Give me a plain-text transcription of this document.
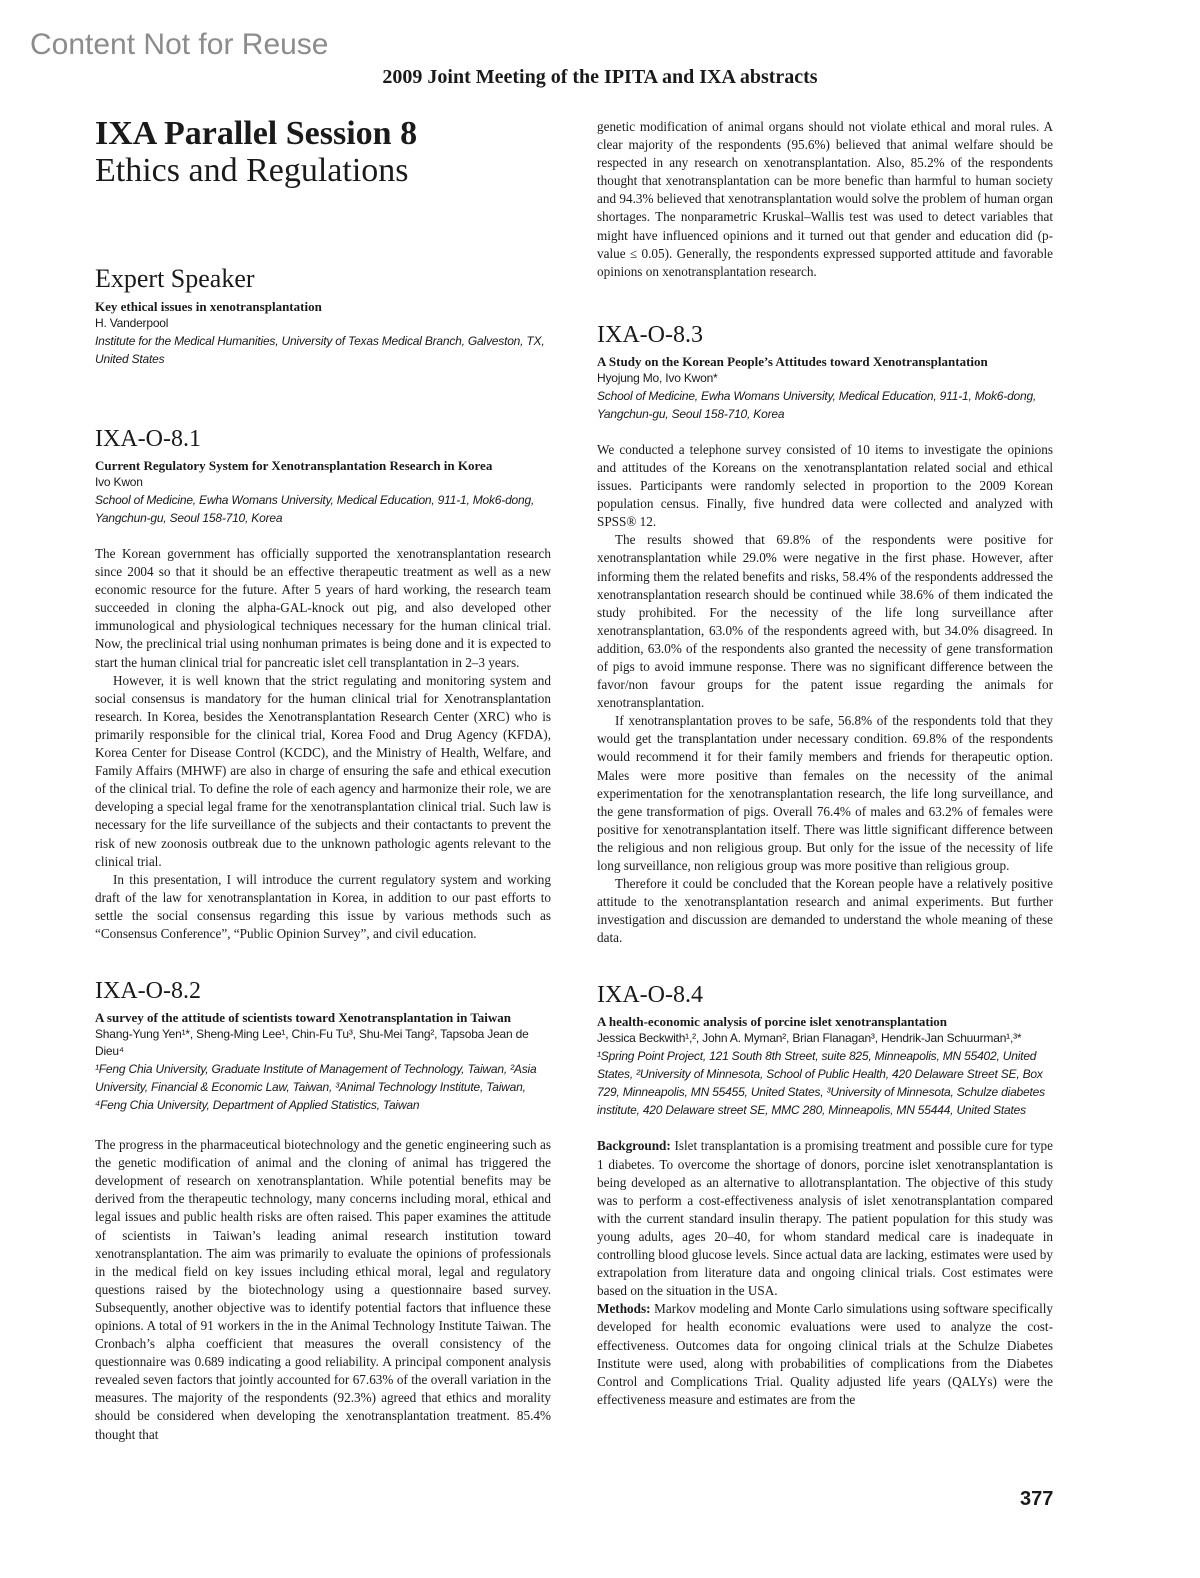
Content Not for Reuse
2009 Joint Meeting of the IPITA and IXA abstracts
IXA Parallel Session 8
Ethics and Regulations
Expert Speaker
Key ethical issues in xenotransplantation
H. Vanderpool
Institute for the Medical Humanities, University of Texas Medical Branch, Galveston, TX, United States
IXA-O-8.1
Current Regulatory System for Xenotransplantation Research in Korea
Ivo Kwon
School of Medicine, Ewha Womans University, Medical Education, 911-1, Mok6-dong, Yangchun-gu, Seoul 158-710, Korea

The Korean government has officially supported the xenotransplantation research since 2004 so that it should be an effective therapeutic treatment as well as a new economic resource for the future. After 5 years of hard working, the research team succeeded in cloning the alpha-GAL-knock out pig, and also developed other immunological and physiological techniques necessary for the human clinical trial. Now, the preclinical trial using nonhuman primates is being done and it is expected to start the human clinical trial for pancreatic islet cell transplantation in 2–3 years.

However, it is well known that the strict regulating and monitoring system and social consensus is mandatory for the human clinical trial for Xenotransplantation research. In Korea, besides the Xenotransplantation Research Center (XRC) who is primarily responsible for the clinical trial, Korea Food and Drug Agency (KFDA), Korea Center for Disease Control (KCDC), and the Ministry of Health, Welfare, and Family Affairs (MHWF) are also in charge of ensuring the safe and ethical execution of the clinical trial. To define the role of each agency and harmonize their role, we are developing a special legal frame for the xenotransplantation clinical trial. Such law is necessary for the life surveillance of the subjects and their contactants to prevent the risk of new zoonosis outbreak due to the unknown pathologic agents relevant to the clinical trial.

In this presentation, I will introduce the current regulatory system and working draft of the law for xenotransplantation in Korea, in addition to our past efforts to settle the social consensus regarding this issue by various methods such as “Consensus Conference”, “Public Opinion Survey”, and civil education.

IXA-O-8.2
A survey of the attitude of scientists toward Xenotransplantation in Taiwan
Shang-Yung Yen¹*, Sheng-Ming Lee¹, Chin-Fu Tu³, Shu-Mei Tang², Tapsoba Jean de Dieu⁴
¹Feng Chia University, Graduate Institute of Management of Technology, Taiwan, ²Asia University, Financial & Economic Law, Taiwan, ³Animal Technology Institute, Taiwan, ⁴Feng Chia University, Department of Applied Statistics, Taiwan

The progress in the pharmaceutical biotechnology and the genetic engineering such as the genetic modification of animal and the cloning of animal has triggered the development of research on xenotransplantation. While potential benefits may be derived from the therapeutic technology, many concerns including moral, ethical and legal issues and public health risks are often raised. This paper examines the attitude of scientists in Taiwan’s leading animal research institution toward xenotransplantation. The aim was primarily to evaluate the opinions of professionals in the medical field on key issues including ethical moral, legal and regulatory questions raised by the biotechnology using a questionnaire based survey. Subsequently, another objective was to identify potential factors that influence these opinions. A total of 91 workers in the in the Animal Technology Institute Taiwan. The Cronbach’s alpha coefficient that measures the overall consistency of the questionnaire was 0.689 indicating a good reliability. A principal component analysis revealed seven factors that jointly accounted for 67.63% of the overall variation in the measures. The majority of the respondents (92.3%) agreed that ethics and morality should be considered when developing the xenotransplantation treatment. 85.4% thought that

genetic modification of animal organs should not violate ethical and moral rules. A clear majority of the respondents (95.6%) believed that animal welfare should be respected in any research on xenotransplantation. Also, 85.2% of the respondents thought that xenotransplantation can be more benefic than harmful to human society and 94.3% believed that xenotransplantation would solve the problem of human organ shortages. The nonparametric Kruskal–Wallis test was used to detect variables that might have influenced opinions and it turned out that gender and education did (p-value ≤ 0.05). Generally, the respondents expressed supported attitude and favorable opinions on xenotransplantation research.

IXA-O-8.3
A Study on the Korean People’s Attitudes toward Xenotransplantation
Hyojung Mo, Ivo Kwon*
School of Medicine, Ewha Womans University, Medical Education, 911-1, Mok6-dong, Yangchun-gu, Seoul 158-710, Korea

We conducted a telephone survey consisted of 10 items to investigate the opinions and attitudes of the Koreans on the xenotransplantation related social and ethical issues. Participants were randomly selected in proportion to the 2009 Korean population census. Finally, five hundred data were collected and analyzed with SPSS® 12.

The results showed that 69.8% of the respondents were positive for xenotransplantation while 29.0% were negative in the first phase. However, after informing them the related benefits and risks, 58.4% of the respondents addressed the xenotransplantation research should be continued while 38.6% of them indicated the study prohibited. For the necessity of the life long surveillance after xenotransplantation, 63.0% of the respondents agreed with, but 34.0% disagreed. In addition, 63.0% of the respondents also granted the necessity of gene transformation of pigs to avoid immune response. There was no significant difference between the favor/non favour groups for the patent issue regarding the animals for xenotransplantation.

If xenotransplantation proves to be safe, 56.8% of the respondents told that they would get the transplantation under necessary condition. 69.8% of the respondents would recommend it for their family members and friends for therapeutic option. Males were more positive than females on the necessity of the animal experimentation for the xenotransplantation research, the life long surveillance, and the gene transformation of pigs. Overall 76.4% of males and 63.2% of females were positive for xenotransplantation itself. There was little significant difference between the religious and non religious group. But only for the issue of the necessity of life long surveillance, non religious group was more positive than religious group.

Therefore it could be concluded that the Korean people have a relatively positive attitude to the xenotransplantation research and animal experiments. But further investigation and discussion are demanded to understand the whole meaning of these data.

IXA-O-8.4
A health-economic analysis of porcine islet xenotransplantation
Jessica Beckwith¹,², John A. Myman², Brian Flanagan³, Hendrik-Jan Schuurman¹,³*
¹Spring Point Project, 121 South 8th Street, suite 825, Minneapolis, MN 55402, United States, ²University of Minnesota, School of Public Health, 420 Delaware Street SE, Box 729, Minneapolis, MN 55455, United States, ³University of Minnesota, Schulze diabetes institute, 420 Delaware street SE, MMC 280, Minneapolis, MN 55444, United States

Background: Islet transplantation is a promising treatment and possible cure for type 1 diabetes. To overcome the shortage of donors, porcine islet xenotransplantation is being developed as an alternative to allotransplantation. The objective of this study was to perform a cost-effectiveness analysis of islet xenotransplantation compared with the current standard insulin therapy. The patient population for this study was young adults, ages 20–40, for whom standard medical care is inadequate in controlling blood glucose levels. Since actual data are lacking, estimates were used by extrapolation from literature data and ongoing clinical trials. Cost estimates were based on the situation in the USA.

Methods: Markov modeling and Monte Carlo simulations using software specifically developed for health economic evaluations were used to analyze the cost-effectiveness. Outcomes data for ongoing clinical trials at the Schulze Diabetes Institute were used, along with probabilities of complications from the Diabetes Control and Complications Trial. Quality adjusted life years (QALYs) were the effectiveness measure and estimates are from the

377
